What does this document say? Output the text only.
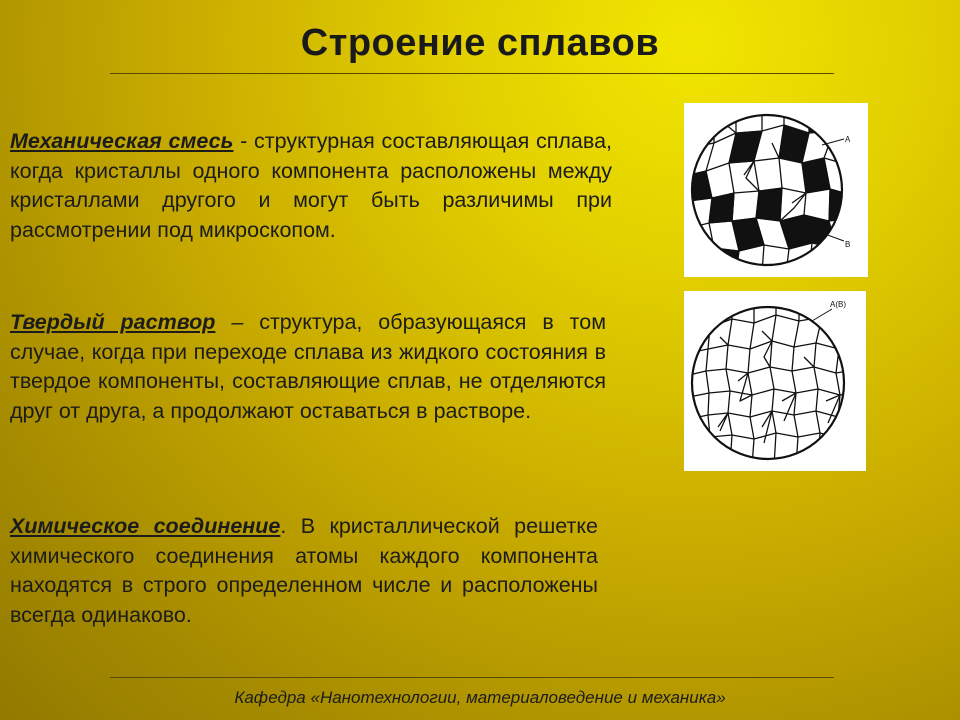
Строение сплавов

Механическая смесь - структурная составляющая сплава, когда кристаллы одного компонента расположены между кристаллами другого и могут быть различимы при рассмотрении под микроскопом.

Твердый раствор – структура, образующаяся в том случае, когда при переходе сплава из жидкого состояния в твердое компоненты, составляющие сплав, не отделяются друг от друга, а продолжают оставаться в растворе.

Химическое соединение. В кристаллической решетке химического соединения атомы каждого компонента находятся в строго определенном числе и расположены всегда одинаково.

А
В
А(В)

Кафедра «Нанотехнологии, материаловедение и механика»
